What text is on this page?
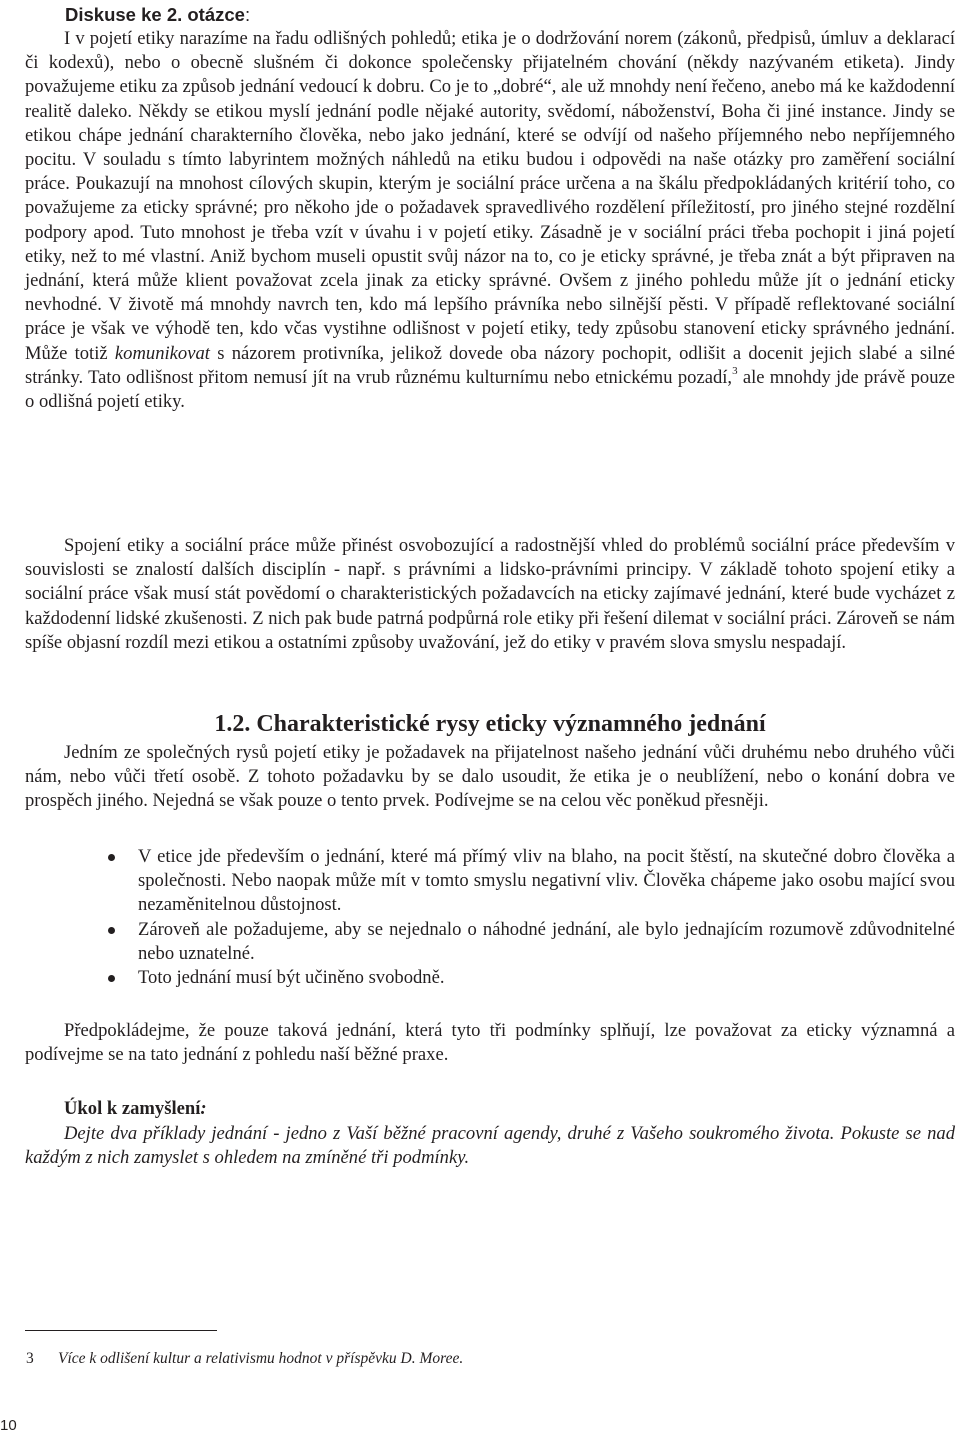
Diskuse ke 2. otázce:

I v pojetí etiky narazíme na řadu odlišných pohledů; etika je o dodržování norem (zákonů, předpisů, úmluv a deklarací či kodexů), nebo o obecně slušném či dokonce společensky přijatelném chování (někdy nazývaném etiketa). Jindy považujeme etiku za způsob jednání vedoucí k dobru. Co je to „dobré“, ale už mnohdy není řečeno, anebo má ke každodenní realitě daleko. Někdy se etikou myslí jednání podle nějaké autority, svědomí, náboženství, Boha či jiné instance. Jindy se etikou chápe jednání charakterního člověka, nebo jako jednání, které se odvíjí od našeho příjemného nebo nepříjemného pocitu. V souladu s tímto labyrintem možných náhledů na etiku budou i odpovědi na naše otázky pro zaměření sociální práce. Poukazují na mnohost cílových skupin, kterým je sociální práce určena a na škálu předpokládaných kritérií toho, co považujeme za eticky správné; pro někoho jde o požadavek spravedlivého rozdělení příležitostí, pro jiného stejné rozdělní podpory apod. Tuto mnohost je třeba vzít v úvahu i v pojetí etiky. Zásadně je v sociální práci třeba pochopit i jiná pojetí etiky, než to mé vlastní. Aniž bychom museli opustit svůj názor na to, co je eticky správné, je třeba znát a být připraven na jednání, která může klient považovat zcela jinak za eticky správné. Ovšem z jiného pohledu může jít o jednání eticky nevhodné. V životě má mnohdy navrch ten, kdo má lepšího právníka nebo silnější pěsti. V případě reflektované sociální práce je však ve výhodě ten, kdo včas vystihne odlišnost v pojetí etiky, tedy způsobu stanovení eticky správného jednání. Může totiž komunikovat s názorem protivníka, jelikož dovede oba názory pochopit, odlišit a docenit jejich slabé a silné stránky. Tato odlišnost přitom nemusí jít na vrub různému kulturnímu nebo etnickému pozadí,$^3$ ale mnohdy jde právě pouze o odlišná pojetí etiky.

Spojení etiky a sociální práce může přinést osvobozující a radostnější vhled do problémů sociální práce především v souvislosti se znalostí dalších disciplín - např. s právními a lidsko-právními principy. V základě tohoto spojení etiky a sociální práce však musí stát povědomí o charakteristických požadavcích na eticky zajímavé jednání, které bude vycházet z každodenní lidské zkušenosti. Z nich pak bude patrná podpůrná role etiky při řešení dilemat v sociální práci. Zároveň se nám spíše objasní rozdíl mezi etikou a ostatními způsoby uvažování, jež do etiky v pravém slova smyslu nespadají.

1.2. Charakteristické rysy eticky významného jednání

Jedním ze společných rysů pojetí etiky je požadavek na přijatelnost našeho jednání vůči druhému nebo druhého vůči nám, nebo vůči třetí osobě. Z tohoto požadavku by se dalo usoudit, že etika je o neublížení, nebo o konání dobra ve prospěch jiného. Nejedná se však pouze o tento prvek. Podívejme se na celou věc poněkud přesněji.

V etice jde především o jednání, které má přímý vliv na blaho, na pocit štěstí, na skutečné dobro člověka a společnosti. Nebo naopak může mít v tomto smyslu negativní vliv. Člověka chápeme jako osobu mající svou nezaměnitelnou důstojnost.
Zároveň ale požadujeme, aby se nejednalo o náhodné jednání, ale bylo jednajícím rozumově zdůvodnitelné nebo uznatelné.
Toto jednání musí být učiněno svobodně.

Předpokládejme, že pouze taková jednání, která tyto tři podmínky splňují, lze považovat za eticky významná a podívejme se na tato jednání z pohledu naší běžné praxe.

Úkol k zamyšlení:

Dejte dva příklady jednání - jedno z Vaší běžné pracovní agendy, druhé z Vašeho soukromého života. Pokuste se nad každým z nich zamyslet s ohledem na zmíněné tři podmínky.

3 Více k odlišení kultur a relativismu hodnot v příspěvku D. Moree.
10
